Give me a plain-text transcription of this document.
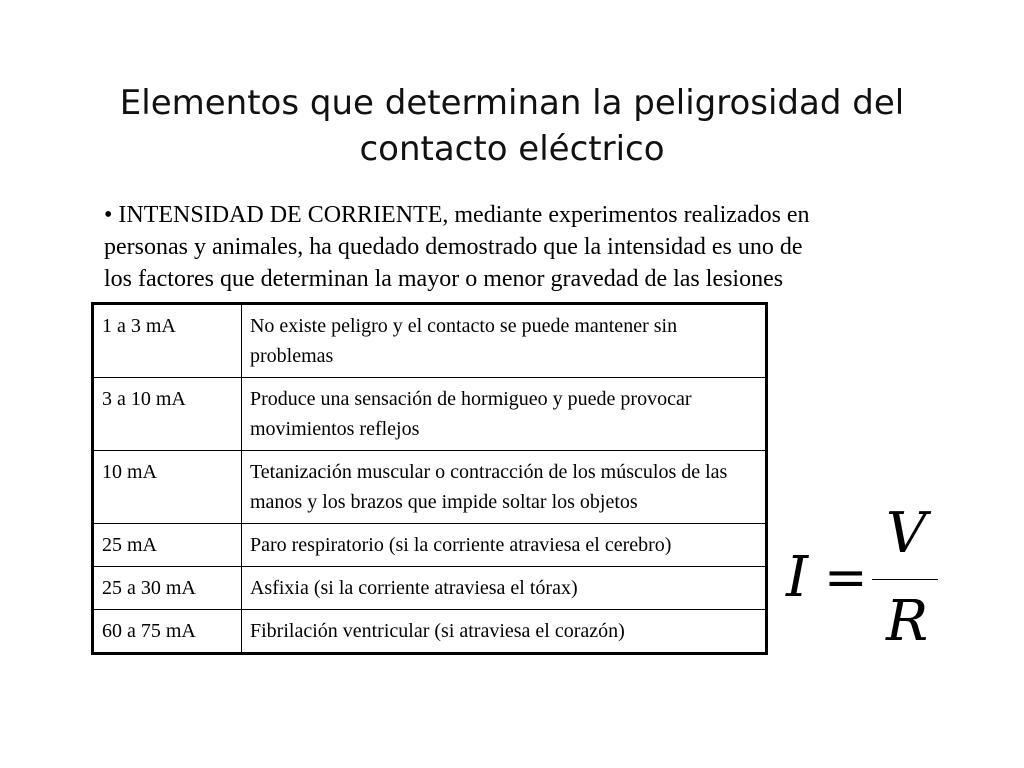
Elementos que determinan la peligrosidad del
contacto eléctrico
• INTENSIDAD DE CORRIENTE, mediante experimentos realizados en
personas y animales, ha quedado demostrado que la intensidad es uno de
los factores que determinan la mayor o menor gravedad de las lesiones
1 a 3 mA	No existe peligro y el contacto se puede mantener sin problemas
3 a 10 mA	Produce una sensación de hormigueo y puede provocar movimientos reflejos
10 mA	Tetanización muscular o contracción de los músculos de las manos y los brazos que impide soltar los objetos
25 mA	Paro respiratorio (si la corriente atraviesa el cerebro)
25 a 30 mA	Asfixia (si la corriente atraviesa el tórax)
60 a 75 mA	Fibrilación ventricular (si atraviesa el corazón)
I =
V
R
